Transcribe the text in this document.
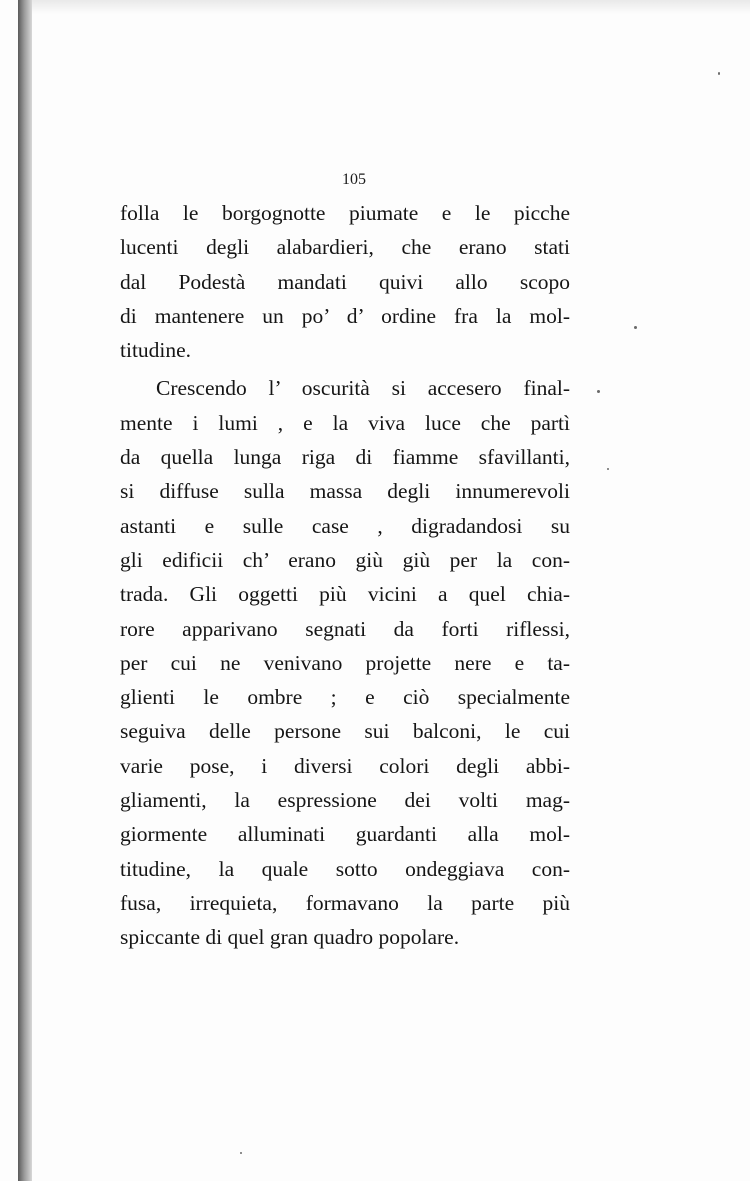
105

folla le borgognotte piumate e le picche
lucenti degli alabardieri, che erano stati
dal Podestà mandati quivi allo scopo
di mantenere un po’ d’ ordine fra la mol-
titudine.
Crescendo l’ oscurità si accesero final-
mente i lumi , e la viva luce che partì
da quella lunga riga di fiamme sfavillanti,
si diffuse sulla massa degli innumerevoli
astanti e sulle case , digradandosi su
gli edificii ch’ erano giù giù per la con-
trada. Gli oggetti più vicini a quel chia-
rore apparivano segnati da forti riflessi,
per cui ne venivano projette nere e ta-
glienti le ombre ; e ciò specialmente
seguiva delle persone sui balconi, le cui
varie pose, i diversi colori degli abbi-
gliamenti, la espressione dei volti mag-
giormente alluminati guardanti alla mol-
titudine, la quale sotto ondeggiava con-
fusa, irrequieta, formavano la parte più
spiccante di quel gran quadro popolare.
